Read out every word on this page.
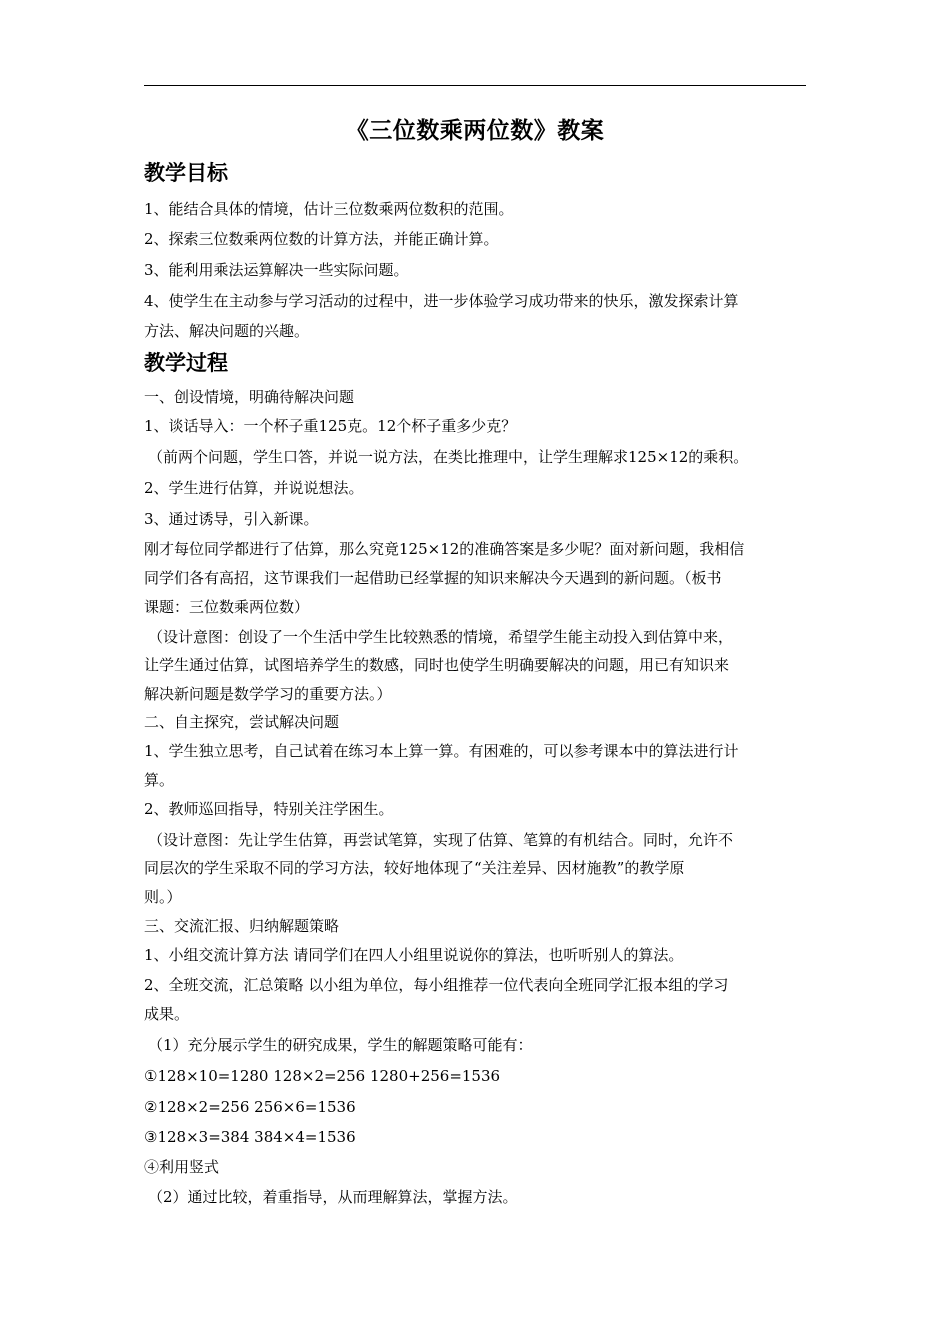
《三位数乘两位数》教案
教学目标
1、能结合具体的情境，估计三位数乘两位数积的范围。
2、探索三位数乘两位数的计算方法，并能正确计算。
3、能利用乘法运算解决一些实际问题。
4、使学生在主动参与学习活动的过程中，进一步体验学习成功带来的快乐，激发探索计算
方法、解决问题的兴趣。
教学过程
一、创设情境，明确待解决问题
1、谈话导入：一个杯子重125克。12个杯子重多少克？
（前两个问题，学生口答，并说一说方法，在类比推理中，让学生理解求125×12的乘积。
2、学生进行估算，并说说想法。
3、通过诱导，引入新课。
刚才每位同学都进行了估算，那么究竟125×12的准确答案是多少呢？面对新问题，我相信
同学们各有高招，这节课我们一起借助已经掌握的知识来解决今天遇到的新问题。（板书
课题：三位数乘两位数）
（设计意图：创设了一个生活中学生比较熟悉的情境，希望学生能主动投入到估算中来，
让学生通过估算，试图培养学生的数感，同时也使学生明确要解决的问题，用已有知识来
解决新问题是数学学习的重要方法。）
二、自主探究，尝试解决问题
1、学生独立思考，自己试着在练习本上算一算。有困难的，可以参考课本中的算法进行计
算。
2、教师巡回指导，特别关注学困生。
（设计意图：先让学生估算，再尝试笔算，实现了估算、笔算的有机结合。同时，允许不
同层次的学生采取不同的学习方法，较好地体现了“关注差异、因材施教”的教学原
则。）
三、交流汇报、归纳解题策略
1、小组交流计算方法 请同学们在四人小组里说说你的算法，也听听别人的算法。
2、全班交流，汇总策略 以小组为单位，每小组推荐一位代表向全班同学汇报本组的学习
成果。
（1）充分展示学生的研究成果，学生的解题策略可能有：
①128×10=1280 128×2=256 1280+256=1536
②128×2=256 256×6=1536
③128×3=384 384×4=1536
④利用竖式
（2）通过比较，着重指导，从而理解算法，掌握方法。
